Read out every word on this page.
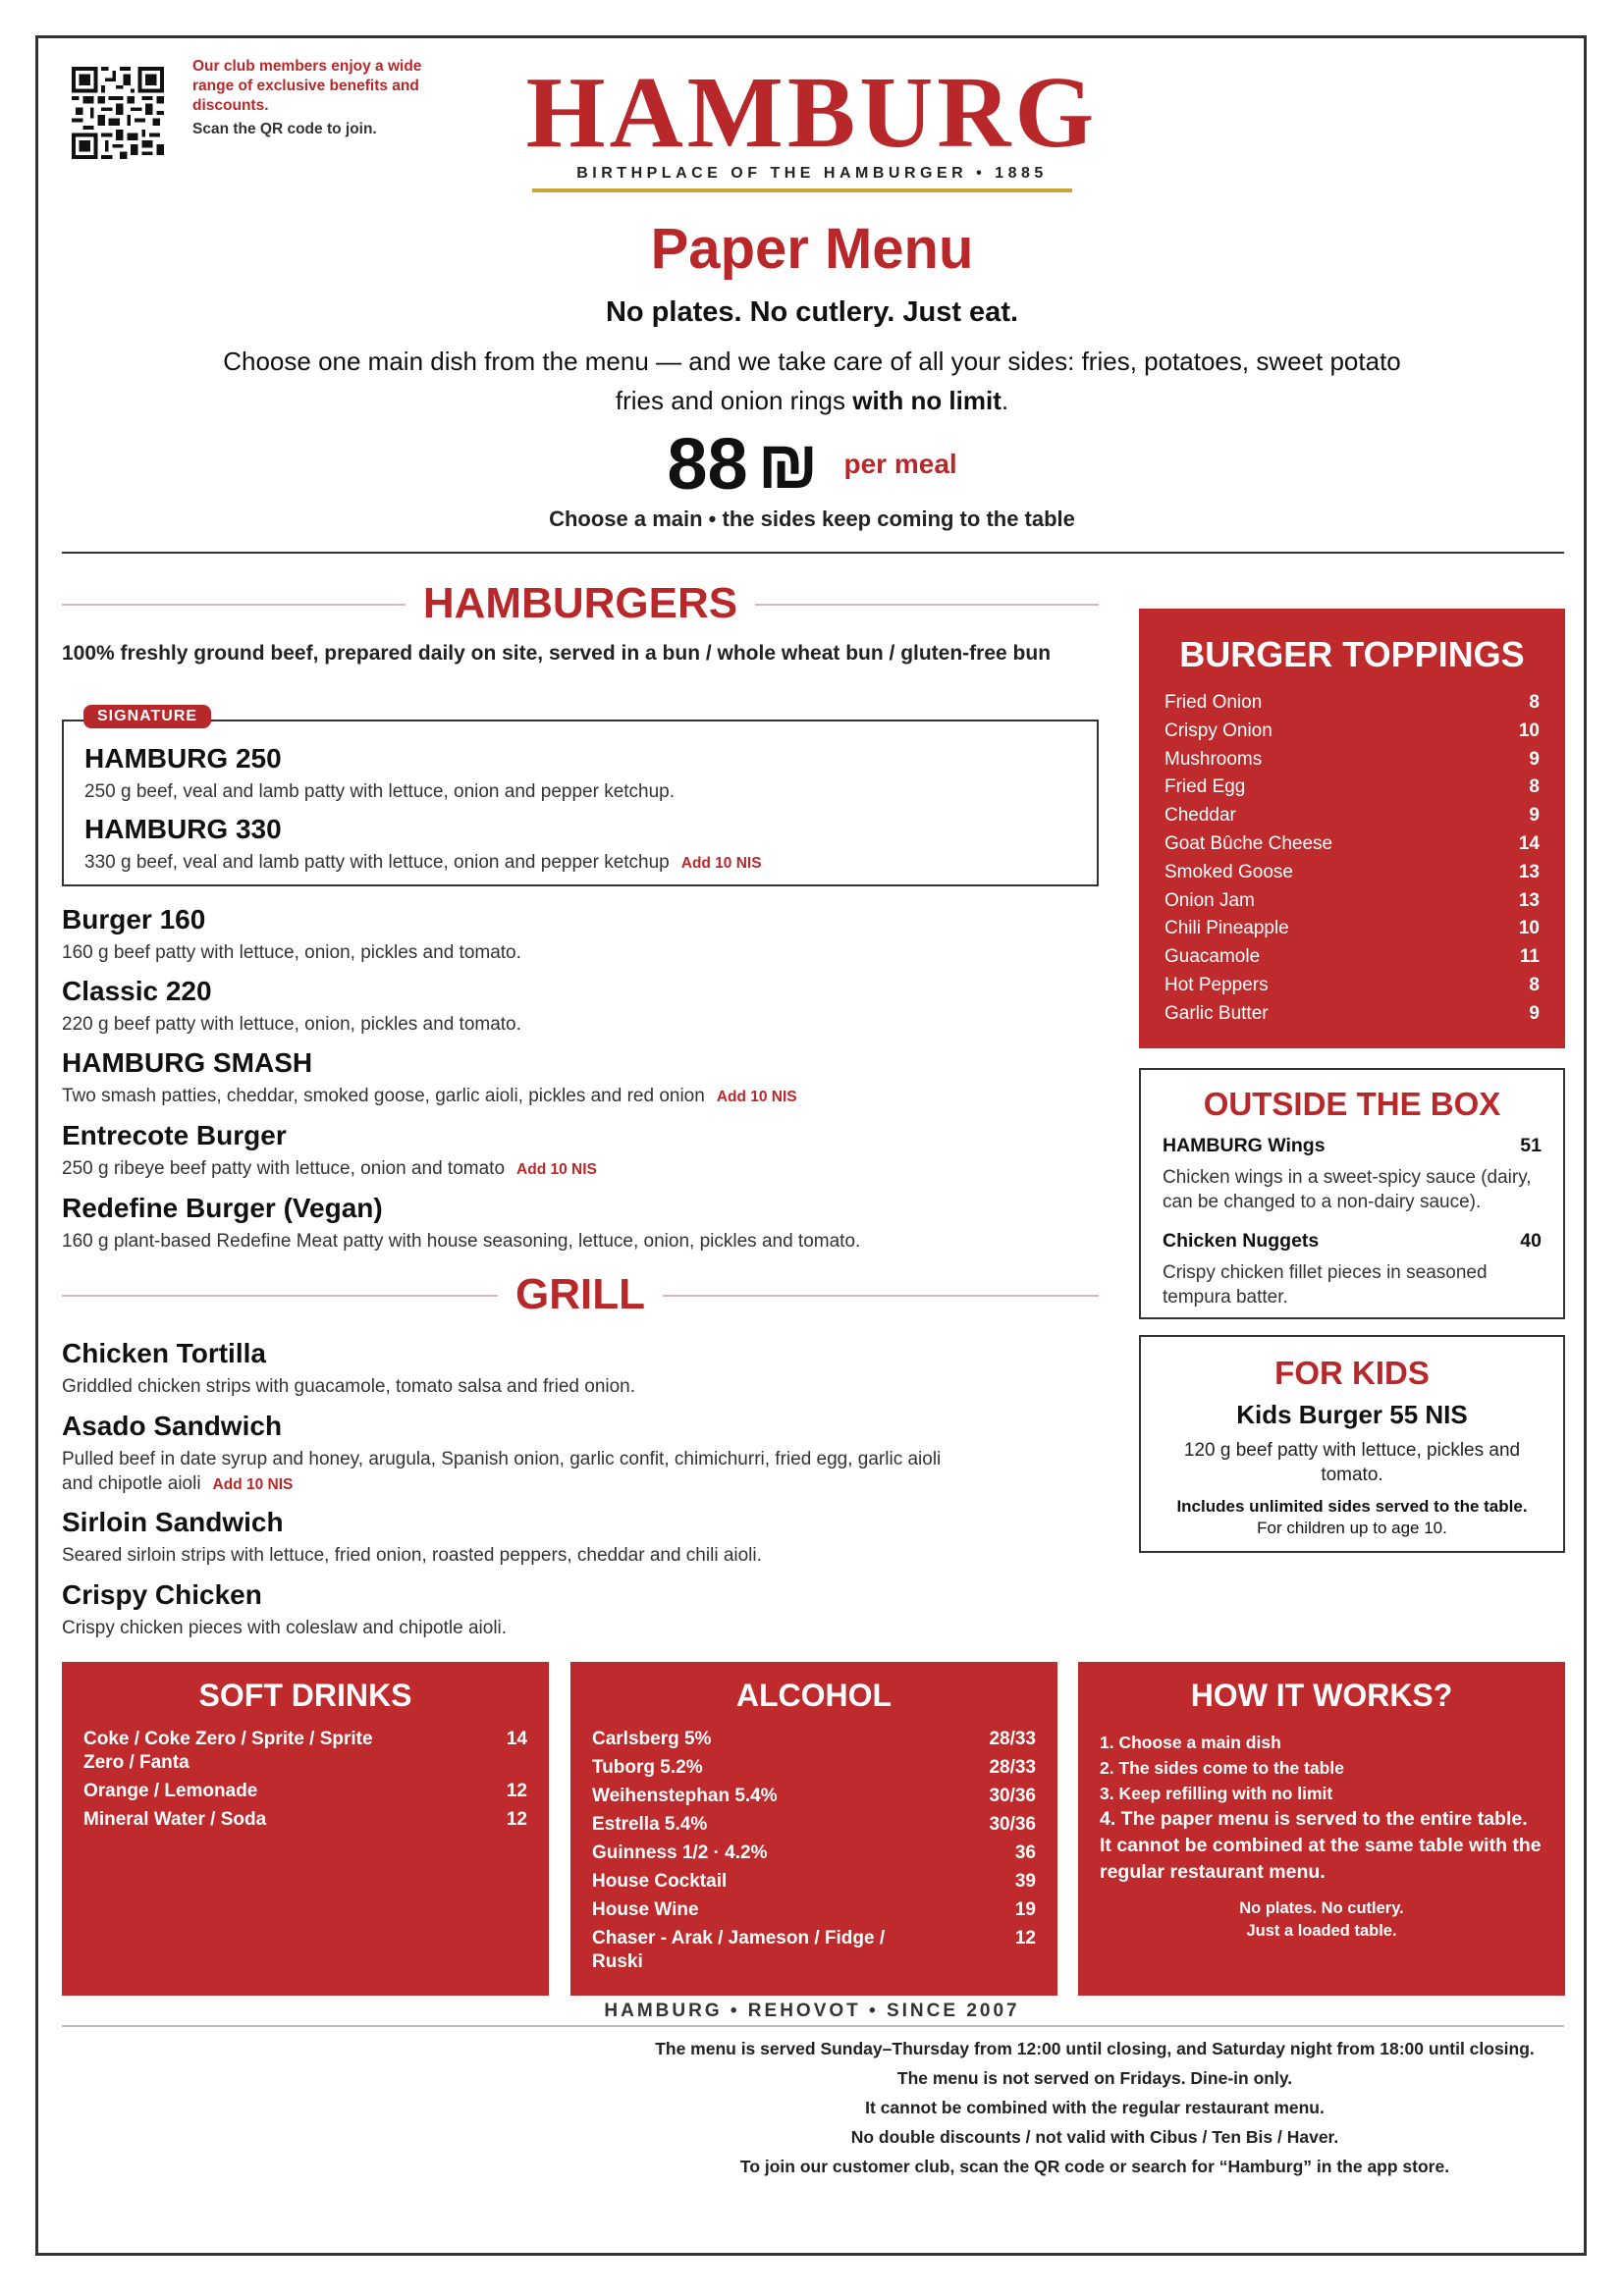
Our club members enjoy a wide range of exclusive benefits and discounts.
Scan the QR code to join.	HAMBURG
BIRTHPLACE OF THE HAMBURGER • 1885
Paper Menu
No plates. No cutlery. Just eat.
Choose one main dish from the menu — and we take care of all your sides: fries, potatoes, sweet potato fries and onion rings with no limit.
88 ₪ per meal
Choose a main • the sides keep coming to the table
HAMBURGERS
100% freshly ground beef, prepared daily on site, served in a bun / whole wheat bun / gluten-free bun
SIGNATURE
HAMBURG 250
250 g beef, veal and lamb patty with lettuce, onion and pepper ketchup.
HAMBURG 330
330 g beef, veal and lamb patty with lettuce, onion and pepper ketchup Add 10 NIS
Burger 160
160 g beef patty with lettuce, onion, pickles and tomato.
Classic 220
220 g beef patty with lettuce, onion, pickles and tomato.
HAMBURG SMASH
Two smash patties, cheddar, smoked goose, garlic aioli, pickles and red onion Add 10 NIS
Entrecote Burger
250 g ribeye beef patty with lettuce, onion and tomato Add 10 NIS
Redefine Burger (Vegan)
160 g plant-based Redefine Meat patty with house seasoning, lettuce, onion, pickles and tomato.
GRILL
Chicken Tortilla
Griddled chicken strips with guacamole, tomato salsa and fried onion.
Asado Sandwich
Pulled beef in date syrup and honey, arugula, Spanish onion, garlic confit, chimichurri, fried egg, garlic aioli and chipotle aioli Add 10 NIS
Sirloin Sandwich
Seared sirloin strips with lettuce, fried onion, roasted peppers, cheddar and chili aioli.
Crispy Chicken
Crispy chicken pieces with coleslaw and chipotle aioli.
BURGER TOPPINGS
Fried Onion	8
Crispy Onion	10
Mushrooms	9
Fried Egg	8
Cheddar	9
Goat Bûche Cheese	14
Smoked Goose	13
Onion Jam	13
Chili Pineapple	10
Guacamole	11
Hot Peppers	8
Garlic Butter	9
OUTSIDE THE BOX
HAMBURG Wings	51
Chicken wings in a sweet-spicy sauce (dairy, can be changed to a non-dairy sauce).
Chicken Nuggets	40
Crispy chicken fillet pieces in seasoned tempura batter.
FOR KIDS
Kids Burger 55 NIS
120 g beef patty with lettuce, pickles and tomato.
Includes unlimited sides served to the table.
For children up to age 10.
SOFT DRINKS
Coke / Coke Zero / Sprite / Sprite Zero / Fanta
14
Orange / Lemonade	12
Mineral Water / Soda	12
ALCOHOL
Carlsberg 5%	28/33
Tuborg 5.2%	28/33
Weihenstephan 5.4%	30/36
Estrella 5.4%	30/36
Guinness 1/2 · 4.2%	36
House Cocktail	39
House Wine	19
Chaser - Arak / Jameson / Fidge / Ruski
12
HOW IT WORKS?
1. Choose a main dish
2. The sides come to the table
3. Keep refilling with no limit
4. The paper menu is served to the entire table. It cannot be combined at the same table with the regular restaurant menu.
No plates. No cutlery.
Just a loaded table.
HAMBURG • REHOVOT • SINCE 2007
The menu is served Sunday–Thursday from 12:00 until closing, and Saturday night from 18:00 until closing.
The menu is not served on Fridays. Dine-in only.
It cannot be combined with the regular restaurant menu.
No double discounts / not valid with Cibus / Ten Bis / Haver.
To join our customer club, scan the QR code or search for “Hamburg” in the app store.
